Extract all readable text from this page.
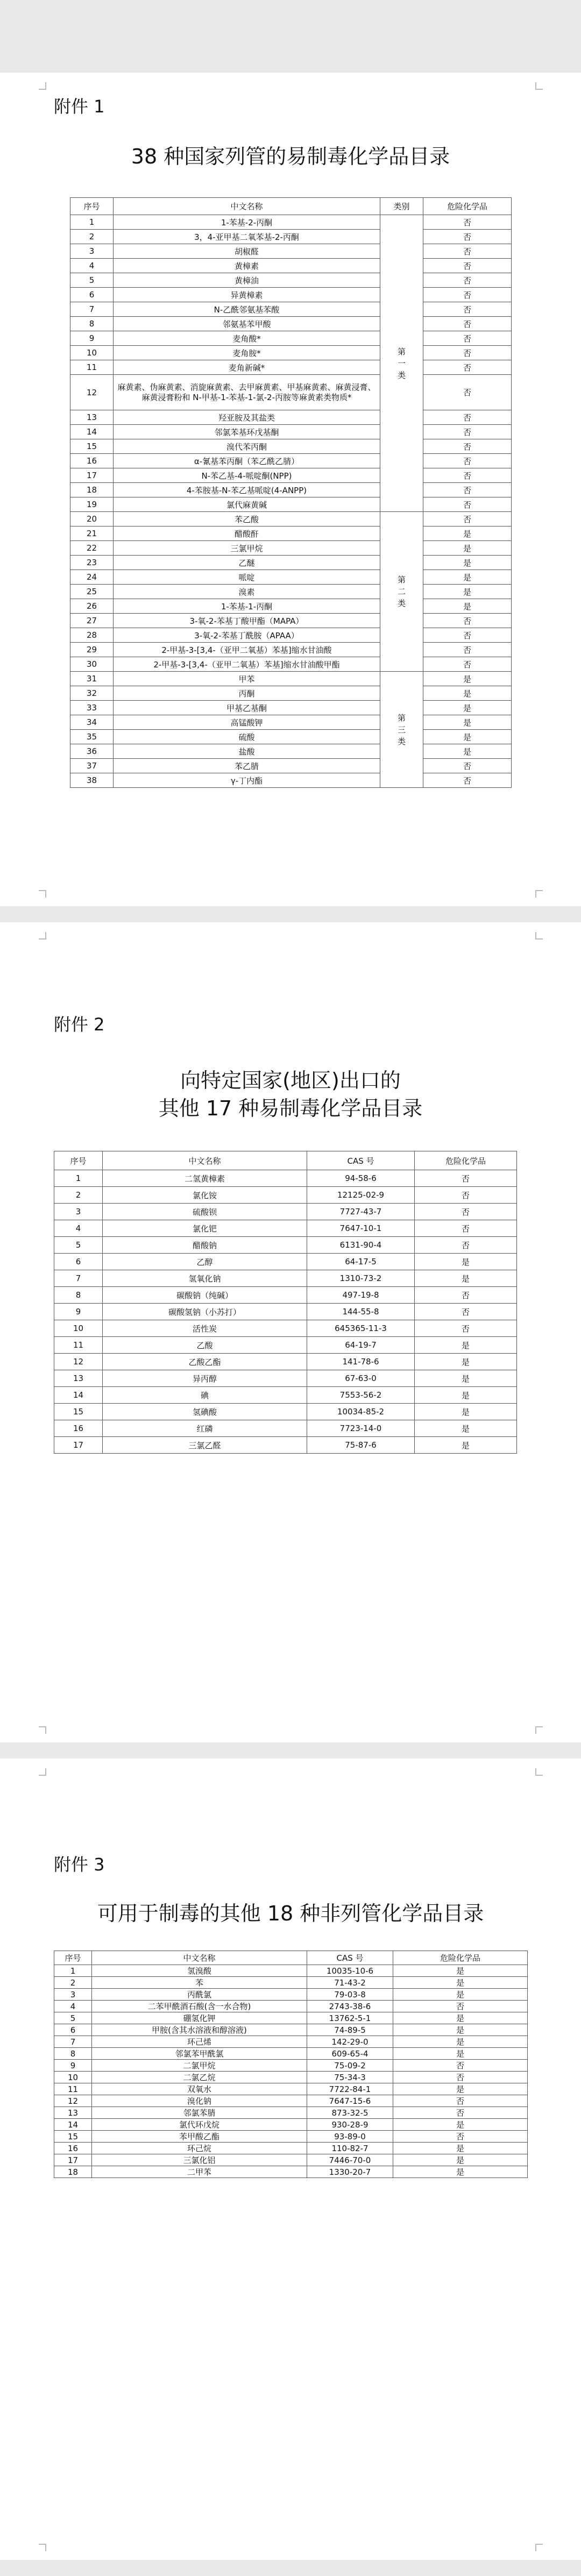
附件 1
38 种国家列管的易制毒化学品目录
序号	中文名称	类别	危险化学品
1	1-苯基-2-丙酮	第一类	否
2	3，4-亚甲基二氧苯基-2-丙酮		否
3	胡椒醛		否
4	黄樟素		否
5	黄樟油		否
6	异黄樟素		否
7	N-乙酰邻氨基苯酸		否
8	邻氨基苯甲酸		否
9	麦角酸*		否
10	麦角胺*		否
11	麦角新碱*		否
12	麻黄素、伪麻黄素、消旋麻黄素、去甲麻黄素、甲基麻黄素、麻黄浸膏、麻黄浸膏粉和 N-甲基-1-苯基-1-氯-2-丙胺等麻黄素类物质*		否
13	羟亚胺及其盐类		否
14	邻氯苯基环戊基酮		否
15	溴代苯丙酮		否
16	α-氰基苯丙酮（苯乙酰乙腈）		否
17	N-苯乙基-4-哌啶酮(NPP)		否
18	4-苯胺基-N-苯乙基哌啶(4-ANPP)		否
19	氯代麻黄碱		否
20	苯乙酸	第二类	否
21	醋酸酐		是
22	三氯甲烷		是
23	乙醚		是
24	哌啶		是
25	溴素		是
26	1-苯基-1-丙酮		是
27	3-氧-2-苯基丁酸甲酯（MAPA）		否
28	3-氧-2-苯基丁酰胺（APAA）		否
29	2-甲基-3-[3,4-（亚甲二氧基）苯基]缩水甘油酸		否
30	2-甲基-3-[3,4-（亚甲二氧基）苯基]缩水甘油酸甲酯		否
31	甲苯	第三类	是
32	丙酮		是
33	甲基乙基酮		是
34	高锰酸钾		是
35	硫酸		是
36	盐酸		是
37	苯乙腈		否
38	γ-丁内酯		否
附件 2
向特定国家(地区)出口的
其他 17 种易制毒化学品目录
序号	中文名称	CAS 号	危险化学品
1	二氢黄樟素	94-58-6	否
2	氯化铵	12125-02-9	否
3	硫酸钡	7727-43-7	否
4	氯化钯	7647-10-1	否
5	醋酸钠	6131-90-4	否
6	乙醇	64-17-5	是
7	氢氧化钠	1310-73-2	是
8	碳酸钠（纯碱）	497-19-8	否
9	碳酸氢钠（小苏打）	144-55-8	否
10	活性炭	645365-11-3	否
11	乙酸	64-19-7	是
12	乙酸乙酯	141-78-6	是
13	异丙醇	67-63-0	是
14	碘	7553-56-2	是
15	氢碘酸	10034-85-2	是
16	红磷	7723-14-0	是
17	三氯乙醛	75-87-6	是
附件 3
可用于制毒的其他 18 种非列管化学品目录
序号	中文名称	CAS 号	危险化学品
1	氢溴酸	10035-10-6	是
2	苯	71-43-2	是
3	丙酰氯	79-03-8	是
4	二苯甲酰酒石酸(含一水合物)	2743-38-6	否
5	硼氢化钾	13762-5-1	是
6	甲胺(含其水溶液和醇溶液)	74-89-5	是
7	环己烯	142-29-0	是
8	邻氯苯甲酰氯	609-65-4	是
9	二氯甲烷	75-09-2	否
10	二氯乙烷	75-34-3	否
11	双氧水	7722-84-1	是
12	溴化钠	7647-15-6	否
13	邻氯苯腈	873-32-5	否
14	氯代环戊烷	930-28-9	是
15	苯甲酸乙酯	93-89-0	否
16	环己烷	110-82-7	是
17	三氯化铝	7446-70-0	是
18	二甲苯	1330-20-7	是
